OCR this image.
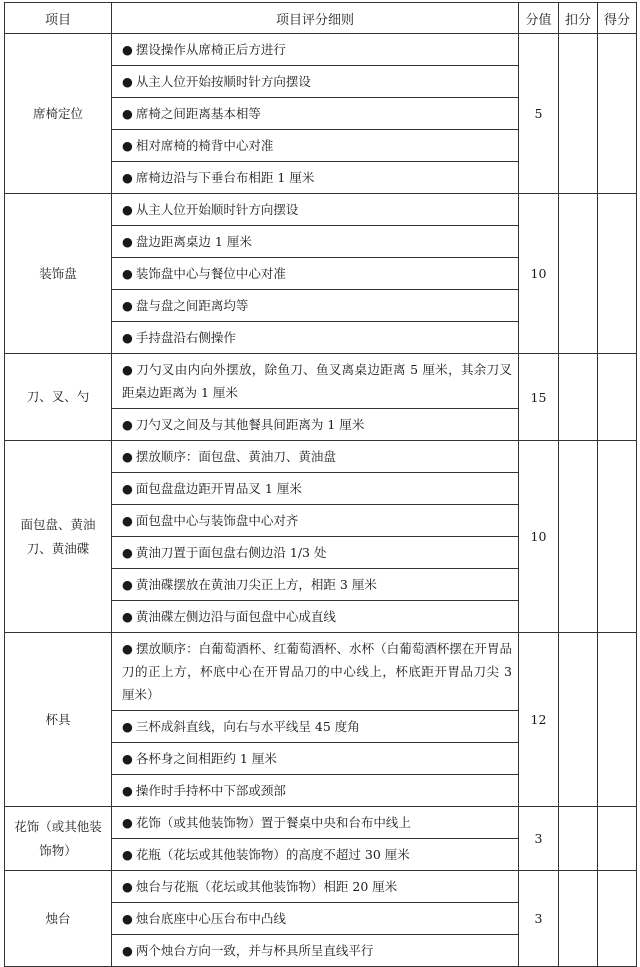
项目	项目评分细则	分值	扣分	得分
席椅定位	● 摆设操作从席椅正后方进行	5		
	● 从主人位开始按顺时针方向摆设			
	● 席椅之间距离基本相等			
	● 相对席椅的椅背中心对准			
	● 席椅边沿与下垂台布相距 1 厘米			
装饰盘	● 从主人位开始顺时针方向摆设	10		
	● 盘边距离桌边 1 厘米			
	● 装饰盘中心与餐位中心对准			
	● 盘与盘之间距离均等			
	● 手持盘沿右侧操作			
刀、叉、勺	● 刀勺叉由内向外摆放，除鱼刀、鱼叉离桌边距离 5 厘米，其余刀叉距桌边距离为 1 厘米	15		
	● 刀勺叉之间及与其他餐具间距离为 1 厘米			
面包盘、黄油刀、黄油碟	● 摆放顺序：面包盘、黄油刀、黄油盘	10		
	● 面包盘盘边距开胃品叉 1 厘米			
	● 面包盘中心与装饰盘中心对齐			
	● 黄油刀置于面包盘右侧边沿 1/3 处			
	● 黄油碟摆放在黄油刀尖正上方，相距 3 厘米			
	● 黄油碟左侧边沿与面包盘中心成直线			
杯具	● 摆放顺序：白葡萄酒杯、红葡萄酒杯、水杯（白葡萄酒杯摆在开胃品刀的正上方，杯底中心在开胃品刀的中心线上，杯底距开胃品刀尖 3 厘米）	12		
	● 三杯成斜直线，向右与水平线呈 45 度角			
	● 各杯身之间相距约 1 厘米			
	● 操作时手持杯中下部或颈部			
花饰（或其他装饰物）	● 花饰（或其他装饰物）置于餐桌中央和台布中线上	3		
	● 花瓶（花坛或其他装饰物）的高度不超过 30 厘米			
烛台	● 烛台与花瓶（花坛或其他装饰物）相距 20 厘米	3		
	● 烛台底座中心压台布中凸线			
	● 两个烛台方向一致，并与杯具所呈直线平行			
